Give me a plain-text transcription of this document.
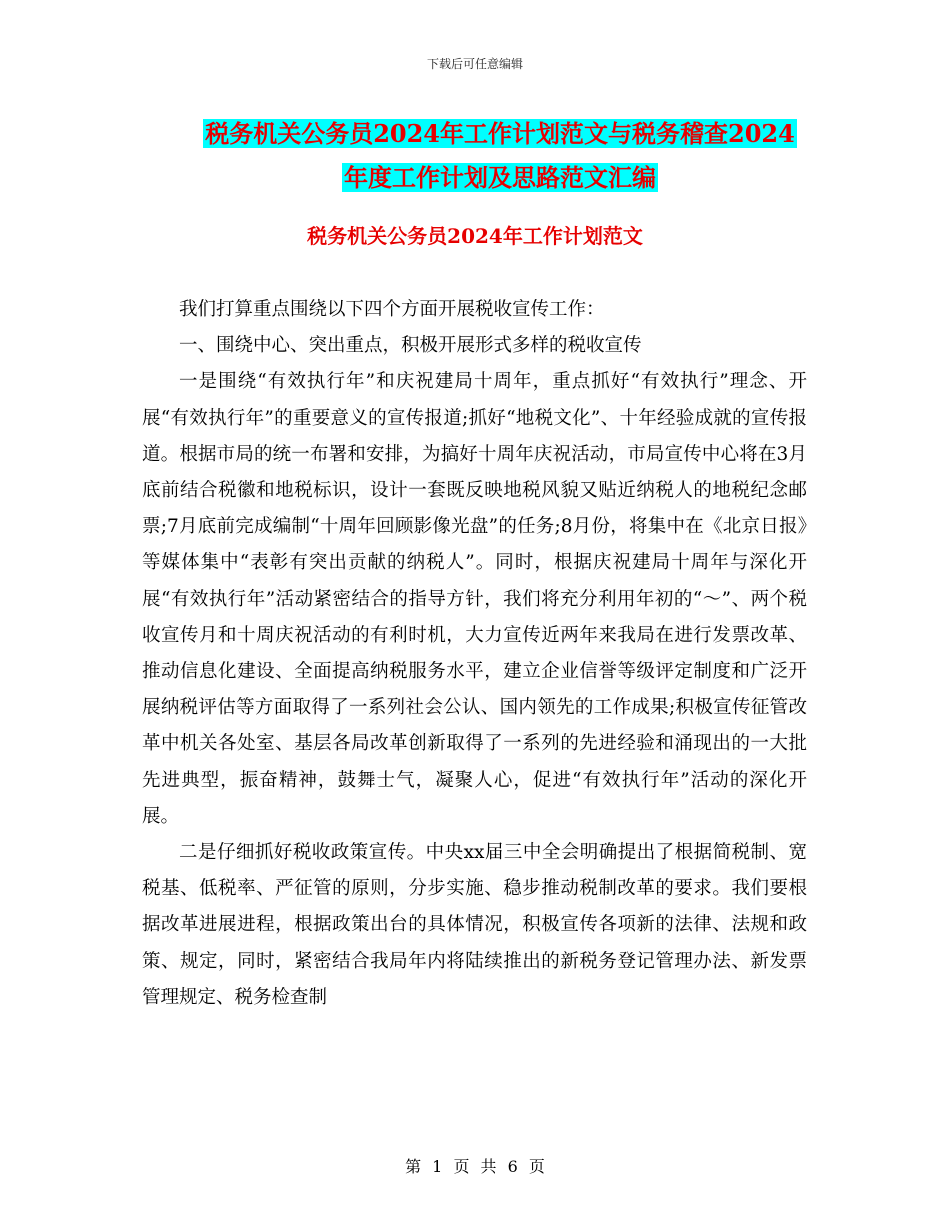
下载后可任意编辑
税务机关公务员2024年工作计划范文与税务稽查2024
年度工作计划及思路范文汇编
税务机关公务员2024年工作计划范文

我们打算重点围绕以下四个方面开展税收宣传工作：

一、围绕中心、突出重点，积极开展形式多样的税收宣传

一是围绕“有效执行年”和庆祝建局十周年，重点抓好“有效执行”理念、开展“有效执行年”的重要意义的宣传报道;抓好“地税文化”、十年经验成就的宣传报道。根据市局的统一布署和安排，为搞好十周年庆祝活动，市局宣传中心将在3月底前结合税徽和地税标识，设计一套既反映地税风貌又贴近纳税人的地税纪念邮票;7月底前完成编制“十周年回顾影像光盘”的任务;8月份，将集中在《北京日报》等媒体集中“表彰有突出贡献的纳税人”。同时，根据庆祝建局十周年与深化开展“有效执行年”活动紧密结合的指导方针，我们将充分利用年初的“～”、两个税收宣传月和十周庆祝活动的有利时机，大力宣传近两年来我局在进行发票改革、推动信息化建设、全面提高纳税服务水平，建立企业信誉等级评定制度和广泛开展纳税评估等方面取得了一系列社会公认、国内领先的工作成果;积极宣传征管改革中机关各处室、基层各局改革创新取得了一系列的先进经验和涌现出的一大批先进典型，振奋精神，鼓舞士气，凝聚人心，促进“有效执行年”活动的深化开展。

二是仔细抓好税收政策宣传。中央xx届三中全会明确提出了根据简税制、宽税基、低税率、严征管的原则，分步实施、稳步推动税制改革的要求。我们要根据改革进展进程，根据政策出台的具体情况，积极宣传各项新的法律、法规和政策、规定，同时，紧密结合我局年内将陆续推出的新税务登记管理办法、新发票管理规定、税务检查制

第 1 页 共 6 页
